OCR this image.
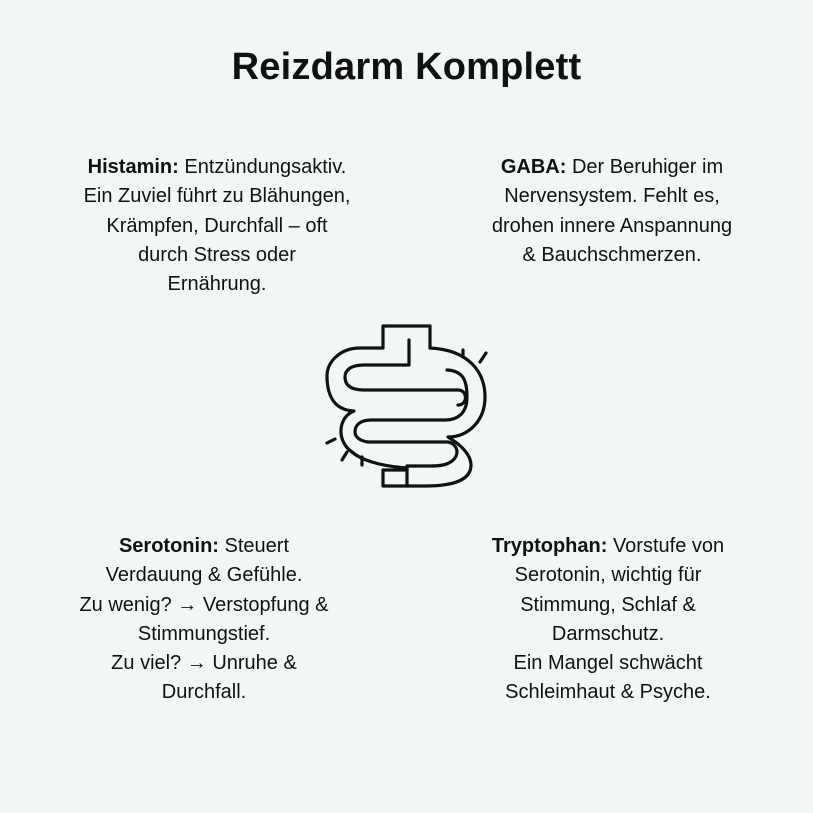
Reizdarm Komplett
Histamin: Entzündungsaktiv.
Ein Zuviel führt zu Blähungen,
Krämpfen, Durchfall – oft
durch Stress oder
Ernährung.
GABA: Der Beruhiger im
Nervensystem. Fehlt es,
drohen innere Anspannung
& Bauchschmerzen.
Serotonin: Steuert
Verdauung & Gefühle.
Zu wenig? → Verstopfung &
Stimmungstief.
Zu viel? → Unruhe &
Durchfall.
Tryptophan: Vorstufe von
Serotonin, wichtig für
Stimmung, Schlaf &
Darmschutz.
Ein Mangel schwächt
Schleimhaut & Psyche.
